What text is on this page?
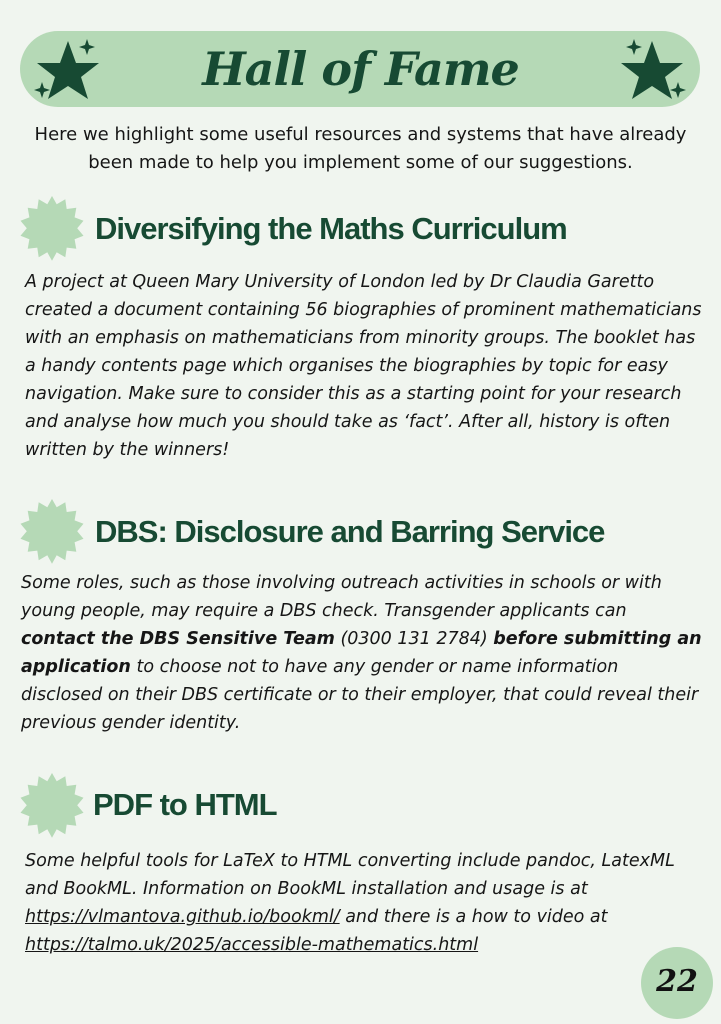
Hall of Fame
Here we highlight some useful resources and systems that have already been made to help you implement some of our suggestions.
Diversifying the Maths Curriculum
A project at Queen Mary University of London led by Dr Claudia Garetto created a document containing 56 biographies of prominent mathematicians with an emphasis on mathematicians from minority groups. The booklet has a handy contents page which organises the biographies by topic for easy navigation. Make sure to consider this as a starting point for your research and analyse how much you should take as ‘fact’. After all, history is often written by the winners!
DBS: Disclosure and Barring Service
Some roles, such as those involving outreach activities in schools or with young people, may require a DBS check. Transgender applicants can contact the DBS Sensitive Team (0300 131 2784) before submitting an application to choose not to have any gender or name information disclosed on their DBS certificate or to their employer, that could reveal their previous gender identity.
PDF to HTML
Some helpful tools for LaTeX to HTML converting include pandoc, LatexML and BookML. Information on BookML installation and usage is at https://vlmantova.github.io/bookml/ and there is a how to video at https://talmo.uk/2025/accessible-mathematics.html
22
